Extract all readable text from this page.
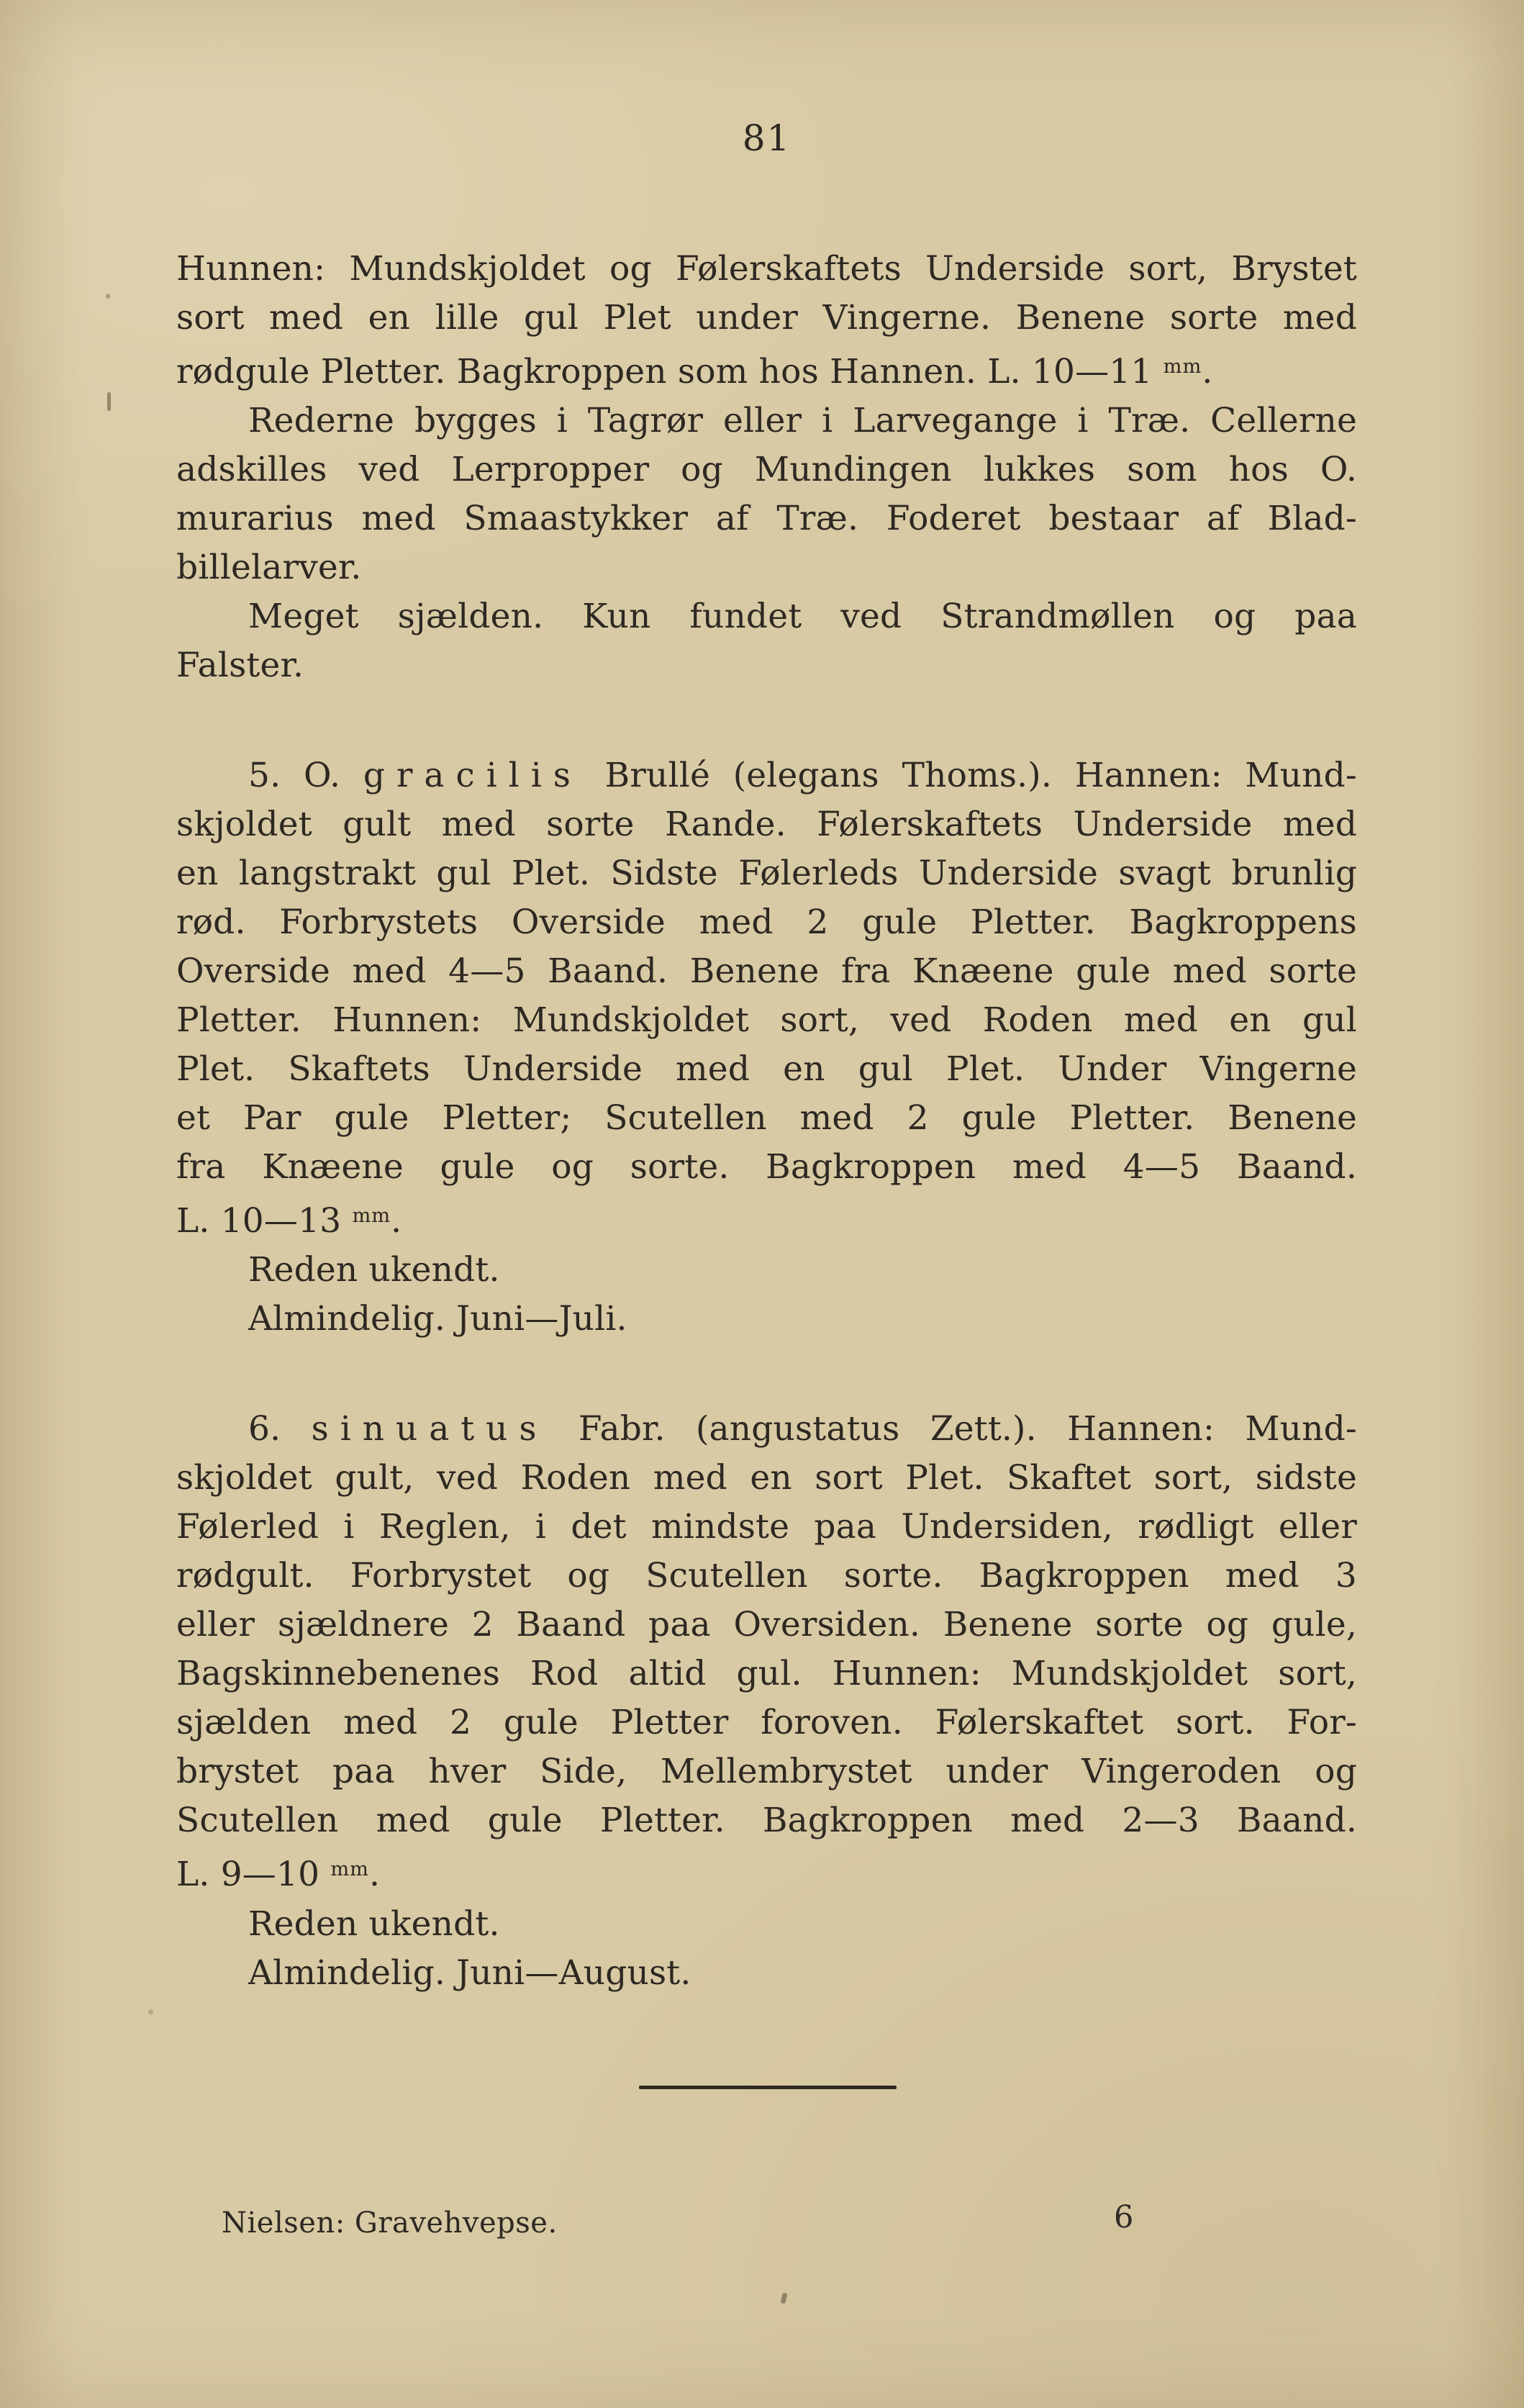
81
Hunnen: Mundskjoldet og Følerskaftets Underside sort, Brystet
sort med en lille gul Plet under Vingerne. Benene sorte med
rødgule Pletter. Bagkroppen som hos Hannen. L. 10—11 $^{mm}$.
Rederne bygges i Tagrør eller i Larvegange i Træ. Cellerne
adskilles ved Lerpropper og Mundingen lukkes som hos O.
murarius med Smaastykker af Træ. Foderet bestaar af Blad-
billelarver.
Meget sjælden. Kun fundet ved Strandmøllen og paa
Falster.
5. O. gracilis Brullé (elegans Thoms.). Hannen: Mund-
skjoldet gult med sorte Rande. Følerskaftets Underside med
en langstrakt gul Plet. Sidste Følerleds Underside svagt brunlig
rød. Forbrystets Overside med 2 gule Pletter. Bagkroppens
Overside med 4—5 Baand. Benene fra Knæene gule med sorte
Pletter. Hunnen: Mundskjoldet sort, ved Roden med en gul
Plet. Skaftets Underside med en gul Plet. Under Vingerne
et Par gule Pletter; Scutellen med 2 gule Pletter. Benene
fra Knæene gule og sorte. Bagkroppen med 4—5 Baand.
L. 10—13 $^{mm}$.
Reden ukendt.
Almindelig. Juni—Juli.
6. sinuatus Fabr. (angustatus Zett.). Hannen: Mund-
skjoldet gult, ved Roden med en sort Plet. Skaftet sort, sidste
Følerled i Reglen, i det mindste paa Undersiden, rødligt eller
rødgult. Forbrystet og Scutellen sorte. Bagkroppen med 3
eller sjældnere 2 Baand paa Oversiden. Benene sorte og gule,
Bagskinnebenenes Rod altid gul. Hunnen: Mundskjoldet sort,
sjælden med 2 gule Pletter foroven. Følerskaftet sort. For-
brystet paa hver Side, Mellembrystet under Vingeroden og
Scutellen med gule Pletter. Bagkroppen med 2—3 Baand.
L. 9—10 $^{mm}$.
Reden ukendt.
Almindelig. Juni—August.
Nielsen: Gravehvepse.	6
